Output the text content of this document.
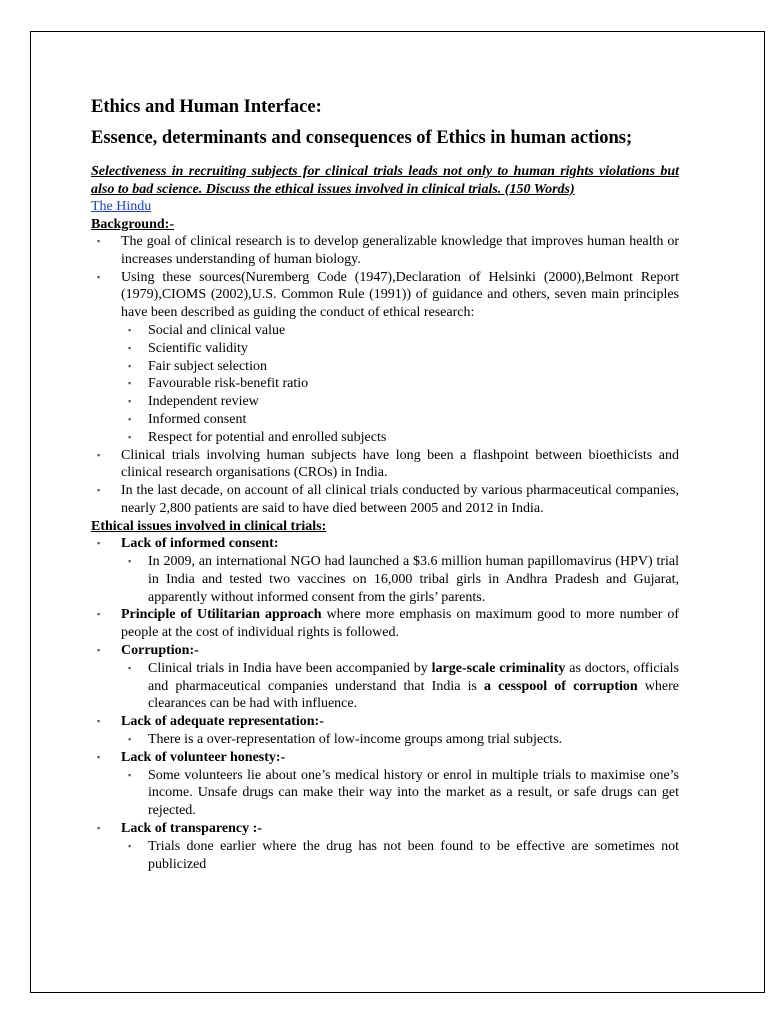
Ethics and Human Interface:
Essence, determinants and consequences of Ethics in human actions;

Selectiveness in recruiting subjects for clinical trials leads not only to human rights violations but also to bad science. Discuss the ethical issues involved in clinical trials. (150 Words)

The Hindu
Background:-
▪ The goal of clinical research is to develop generalizable knowledge that improves human health or increases understanding of human biology.
▪ Using these sources(Nuremberg Code (1947),Declaration of Helsinki (2000),Belmont Report (1979),CIOMS (2002),U.S. Common Rule (1991)) of guidance and others, seven main principles have been described as guiding the conduct of ethical research:
▪ Social and clinical value
▪ Scientific validity
▪ Fair subject selection
▪ Favourable risk-benefit ratio
▪ Independent review
▪ Informed consent
▪ Respect for potential and enrolled subjects
▪ Clinical trials involving human subjects have long been a flashpoint between bioethicists and clinical research organisations (CROs) in India.
▪ In the last decade, on account of all clinical trials conducted by various pharmaceutical companies, nearly 2,800 patients are said to have died between 2005 and 2012 in India.
Ethical issues involved in clinical trials:
▪ Lack of informed consent:
▪ In 2009, an international NGO had launched a $3.6 million human papillomavirus (HPV) trial in India and tested two vaccines on 16,000 tribal girls in Andhra Pradesh and Gujarat, apparently without informed consent from the girls’ parents.
▪ Principle of Utilitarian approach where more emphasis on maximum good to more number of people at the cost of individual rights is followed.
▪ Corruption:-
▪ Clinical trials in India have been accompanied by large-scale criminality as doctors, officials and pharmaceutical companies understand that India is a cesspool of corruption where clearances can be had with influence.
▪ Lack of adequate representation:-
▪ There is a over-representation of low-income groups among trial subjects.
▪ Lack of volunteer honesty:-
▪ Some volunteers lie about one’s medical history or enrol in multiple trials to maximise one’s income. Unsafe drugs can make their way into the market as a result, or safe drugs can get rejected.
▪ Lack of transparency :-
▪ Trials done earlier where the drug has not been found to be effective are sometimes not publicized
